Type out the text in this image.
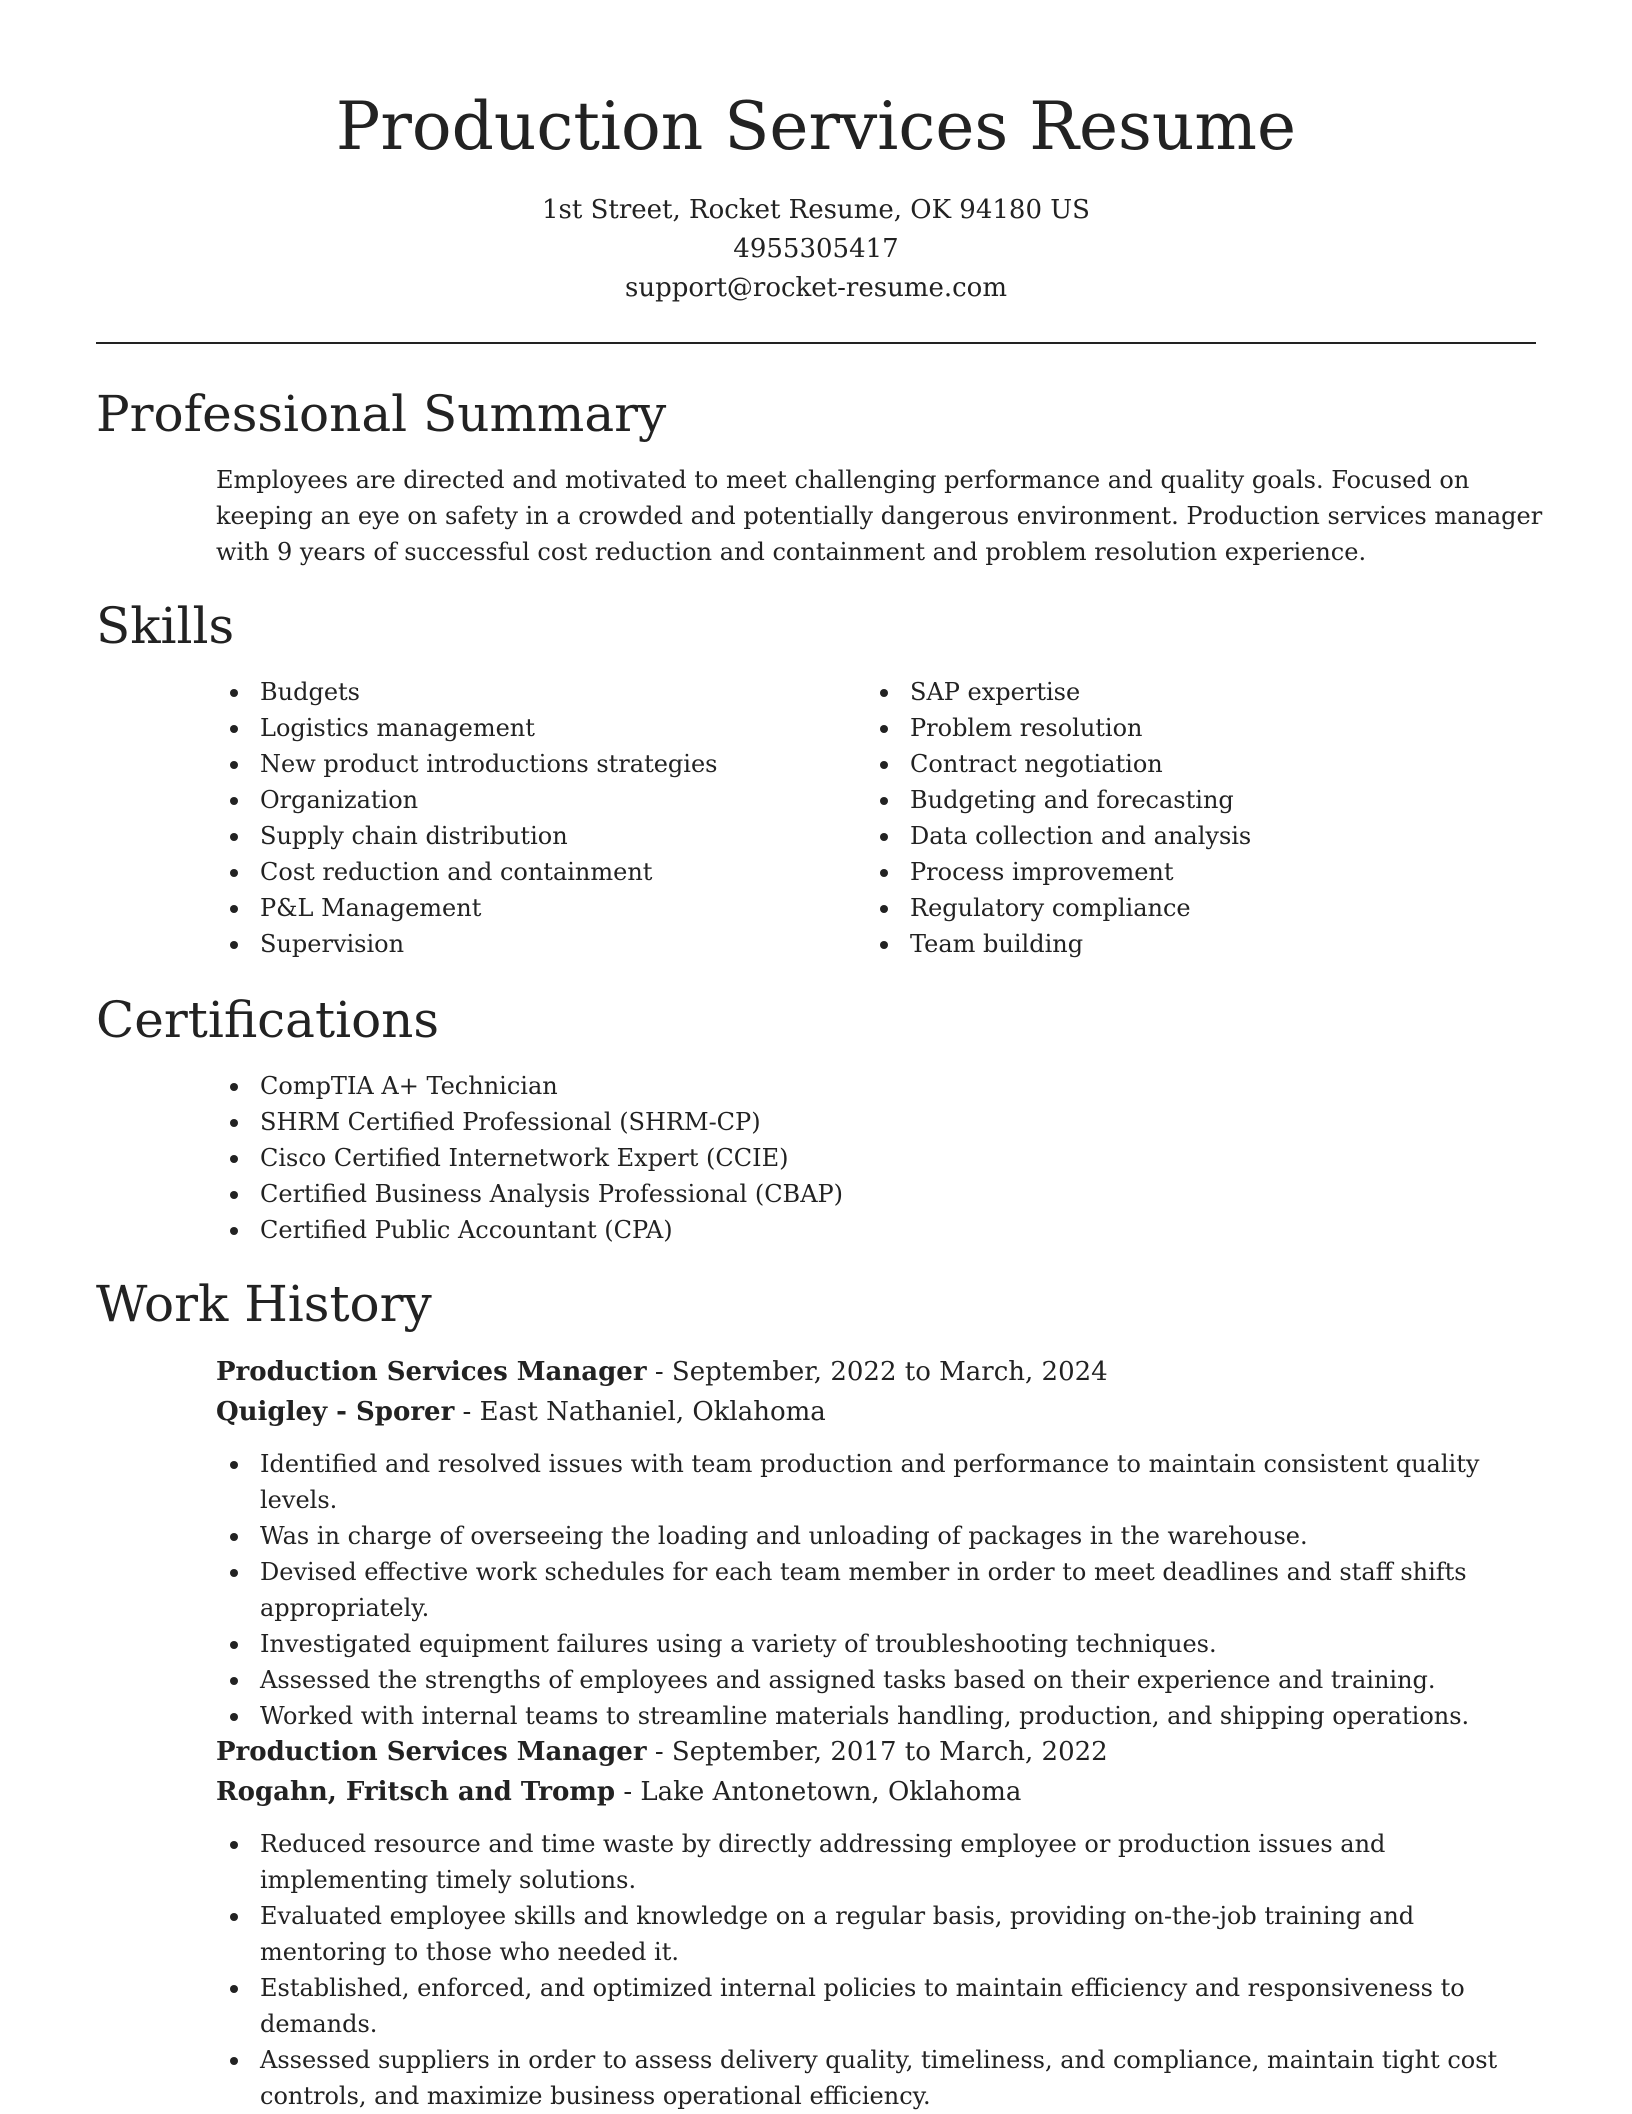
Production Services Resume
1st Street, Rocket Resume, OK 94180 US
4955305417
support@rocket-resume.com
Professional Summary

Employees are directed and motivated to meet challenging performance and quality goals. Focused on keeping an eye on safety in a crowded and potentially dangerous environment. Production services manager with 9 years of successful cost reduction and containment and problem resolution experience.

Skills
Budgets
Logistics management
New product introductions strategies
Organization
Supply chain distribution
Cost reduction and containment
P&L Management
Supervision
SAP expertise
Problem resolution
Contract negotiation
Budgeting and forecasting
Data collection and analysis
Process improvement
Regulatory compliance
Team building
Certifications
CompTIA A+ Technician
SHRM Certified Professional (SHRM-CP)
Cisco Certified Internetwork Expert (CCIE)
Certified Business Analysis Professional (CBAP)
Certified Public Accountant (CPA)
Work History
Production Services Manager - September, 2022 to March, 2024
Quigley - Sporer - East Nathaniel, Oklahoma
Identified and resolved issues with team production and performance to maintain consistent quality levels.
Was in charge of overseeing the loading and unloading of packages in the warehouse.
Devised effective work schedules for each team member in order to meet deadlines and staff shifts appropriately.
Investigated equipment failures using a variety of troubleshooting techniques.
Assessed the strengths of employees and assigned tasks based on their experience and training.
Worked with internal teams to streamline materials handling, production, and shipping operations.
Production Services Manager - September, 2017 to March, 2022
Rogahn, Fritsch and Tromp - Lake Antonetown, Oklahoma
Reduced resource and time waste by directly addressing employee or production issues and implementing timely solutions.
Evaluated employee skills and knowledge on a regular basis, providing on-the-job training and mentoring to those who needed it.
Established, enforced, and optimized internal policies to maintain efficiency and responsiveness to demands.
Assessed suppliers in order to assess delivery quality, timeliness, and compliance, maintain tight cost controls, and maximize business operational efficiency.
